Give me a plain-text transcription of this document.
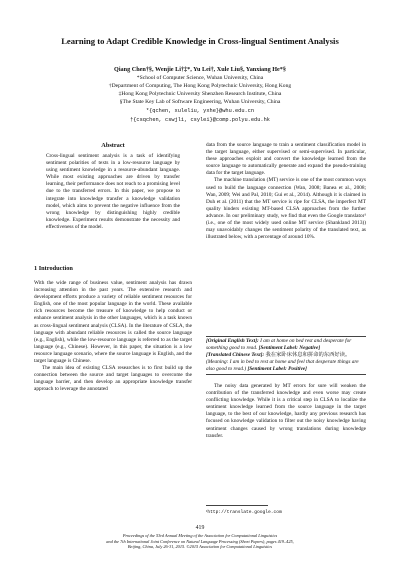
Learning to Adapt Credible Knowledge in Cross-lingual Sentiment Analysis
Qiang Chen†§, Wenjie Li†‡*, Yu Lei†, Xule Liu§, Yanxiang He*§
*School of Computer Science, Wuhan University, China
†Department of Computing, The Hong Kong Polytechnic University, Hong Kong
‡Hong Kong Polytechnic University Shenzhen Research Institute, China
§The State Key Lab of Software Engineering, Wuhan University, China
*{qchen, xuleliu, yxhe}@whu.edu.cn
†{csqchen, cswjli, csylei}@comp.polyu.edu.hk
Abstract
Cross-lingual sentiment analysis is a task of identifying sentiment polarities of texts in a low-resource language by using sentiment knowledge in a resource-abundant language. While most existing approaches are driven by transfer learning, their performance does not reach to a promising level due to the transferred errors. In this paper, we propose to integrate into knowledge transfer a knowledge validation model, which aims to prevent the negative influence from the wrong knowledge by distinguishing highly credible knowledge. Experiment results demonstrate the necessity and effectiveness of the model.
1 Introduction

With the wide range of business value, sentiment analysis has drawn increasing attention in the past years. The extensive research and development efforts produce a variety of reliable sentiment resources for English, one of the most popular language in the world. These available rich resources become the treasure of knowledge to help conduct or enhance sentiment analysis in the other languages, which is a task known as cross-lingual sentiment analysis (CLSA). In the literature of CSLA, the language with abundant reliable resources is called the source language (e.g., English), while the low-resource language is referred to as the target language (e.g., Chinese). However, in this paper, the situation is a low resource language scenario, where the source language is English, and the target language is Chinese.

The main idea of existing CLSA researches is to first build up the connection between the source and target languages to overcome the language barrier, and then develop an appropriate knowledge transfer approach to leverage the annotated

data from the source language to train a sentiment classification model in the target language, either supervised or semi-supervised. In particular, these approaches exploit and convert the knowledge learned from the source language to automatically generate and expand the pseudo-training data for the target language.

The machine translation (MT) service is one of the most common ways used to build the language connection (Wan, 2008; Banea et al., 2008; Wan, 2009; Wei and Pal, 2010; Gui et al., 2014). Although it is claimed in Duh et al. (2011) that the MT service is ripe for CLSA, the imperfect MT quality hinders existing MT-based CLSA approaches from the further advance. In our preliminary study, we find that even the Google translator¹ (i.e., one of the most widely used online MT service (Shankland 2013)) may unavoidably changes the sentiment polarity of the translated text, as illustrated below, with a percentage of around 10%.

[Original English Text]: I am at home on bed rest and desperate for something good to read. [Sentiment Label: Negative]

[Translated Chinese Text]: 我在家卧床休息和拼命的东西好读。 (Meaning: I am in bed to rest at home and feel that desperate things are also good to read.) [Sentiment Label: Positive]

The noisy data generated by MT errors for sure will weaken the contribution of the transferred knowledge and even worse may create conflicting knowledge. While it is a critical step in CLSA to localize the sentiment knowledge learned from the source language in the target language, to the best of our knowledge, hardly any previous research has focused on knowledge validation to filter out the noisy knowledge having sentiment changes caused by wrong translations during knowledge transfer.

¹http://translate.google.com
419
Proceedings of the 53rd Annual Meeting of the Association for Computational Linguistics
and the 7th International Joint Conference on Natural Language Processing (Short Papers), pages 419–425,
Beijing, China, July 26-31, 2015. ©2015 Association for Computational Linguistics
